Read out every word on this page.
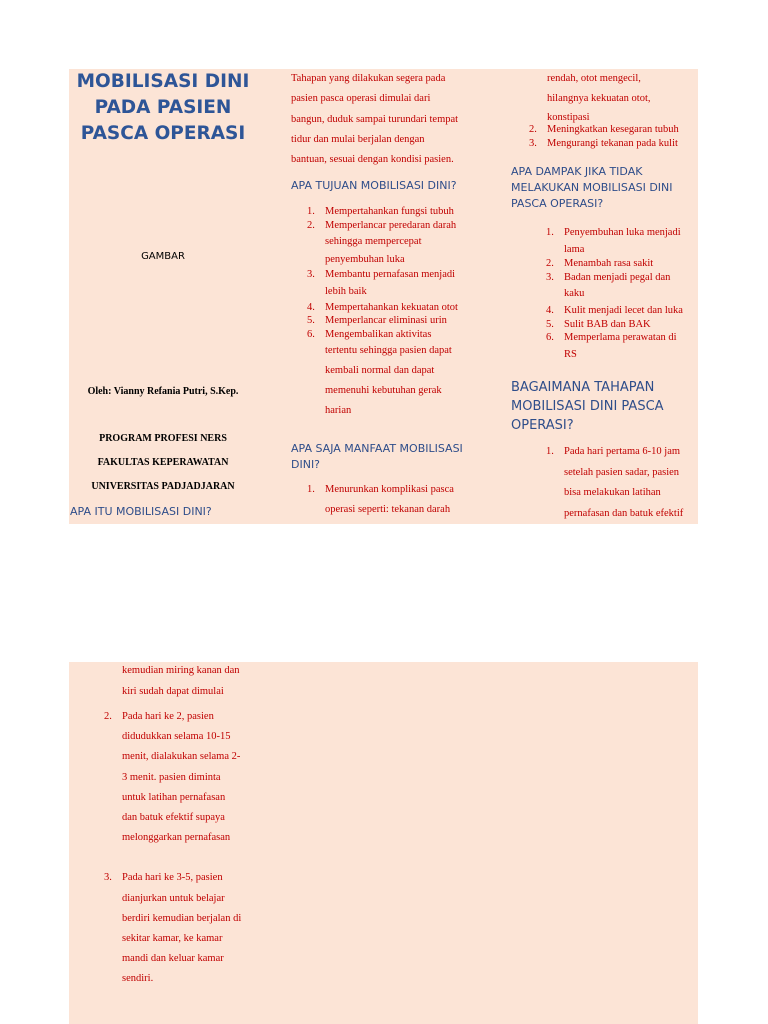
MOBILISASI DINI
PADA PASIEN
PASCA OPERASI
GAMBAR
Oleh: Vianny Refania Putri, S.Kep.
PROGRAM PROFESI NERS
FAKULTAS KEPERAWATAN
UNIVERSITAS PADJADJARAN
APA ITU MOBILISASI DINI?
Tahapan yang dilakukan segera pada
pasien pasca operasi dimulai dari
bangun, duduk sampai turundari tempat
tidur dan mulai berjalan dengan
bantuan, sesuai dengan kondisi pasien.
APA TUJUAN MOBILISASI DINI?
1. Mempertahankan fungsi tubuh
2. Memperlancar peredaran darah
sehingga mempercepat
penyembuhan luka
3. Membantu pernafasan menjadi
lebih baik
4. Mempertahankan kekuatan otot
5. Memperlancar eliminasi urin
6. Mengembalikan aktivitas
tertentu sehingga pasien dapat
kembali normal dan dapat
memenuhi kebutuhan gerak
harian
APA SAJA MANFAAT MOBILISASI
DINI?
1. Menurunkan komplikasi pasca
operasi seperti: tekanan darah
rendah, otot mengecil,
hilangnya kekuatan otot,
konstipasi
2. Meningkatkan kesegaran tubuh
3. Mengurangi tekanan pada kulit
APA DAMPAK JIKA TIDAK
MELAKUKAN MOBILISASI DINI
PASCA OPERASI?
1. Penyembuhan luka menjadi
lama
2. Menambah rasa sakit
3. Badan menjadi pegal dan
kaku
4. Kulit menjadi lecet dan luka
5. Sulit BAB dan BAK
6. Memperlama perawatan di
RS
BAGAIMANA TAHAPAN
MOBILISASI DINI PASCA
OPERASI?
1. Pada hari pertama 6-10 jam
setelah pasien sadar, pasien
bisa melakukan latihan
pernafasan dan batuk efektif
kemudian miring kanan dan
kiri sudah dapat dimulai
2. Pada hari ke 2, pasien
didudukkan selama 10-15
menit, dialakukan selama 2-
3 menit. pasien diminta
untuk latihan pernafasan
dan batuk efektif supaya
melonggarkan pernafasan
3. Pada hari ke 3-5, pasien
dianjurkan untuk belajar
berdiri kemudian berjalan di
sekitar kamar, ke kamar
mandi dan keluar kamar
sendiri.
